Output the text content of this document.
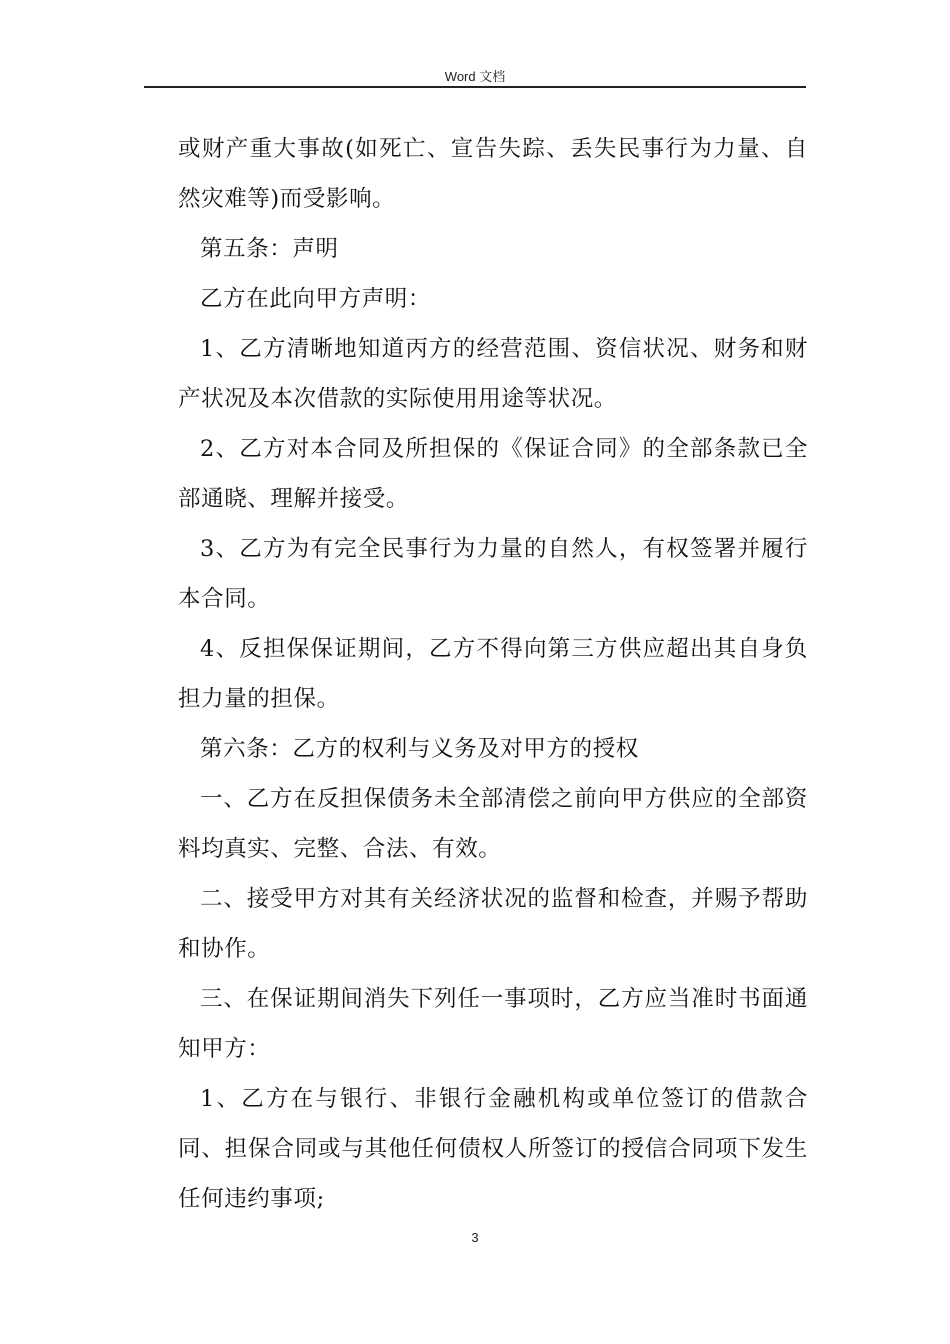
Word 文档

或财产重大事故(如死亡、宣告失踪、丢失民事行为力量、自然灾难等)而受影响。

第五条：声明

乙方在此向甲方声明：

1、乙方清晰地知道丙方的经营范围、资信状况、财务和财产状况及本次借款的实际使用用途等状况。

2、乙方对本合同及所担保的《保证合同》的全部条款已全部通晓、理解并接受。

3、乙方为有完全民事行为力量的自然人，有权签署并履行本合同。

4、反担保保证期间，乙方不得向第三方供应超出其自身负担力量的担保。

第六条：乙方的权利与义务及对甲方的授权

一、乙方在反担保债务未全部清偿之前向甲方供应的全部资料均真实、完整、合法、有效。

二、接受甲方对其有关经济状况的监督和检查，并赐予帮助和协作。

三、在保证期间消失下列任一事项时，乙方应当准时书面通知甲方：

1、乙方在与银行、非银行金融机构或单位签订的借款合同、担保合同或与其他任何债权人所签订的授信合同项下发生任何违约事项;

3
